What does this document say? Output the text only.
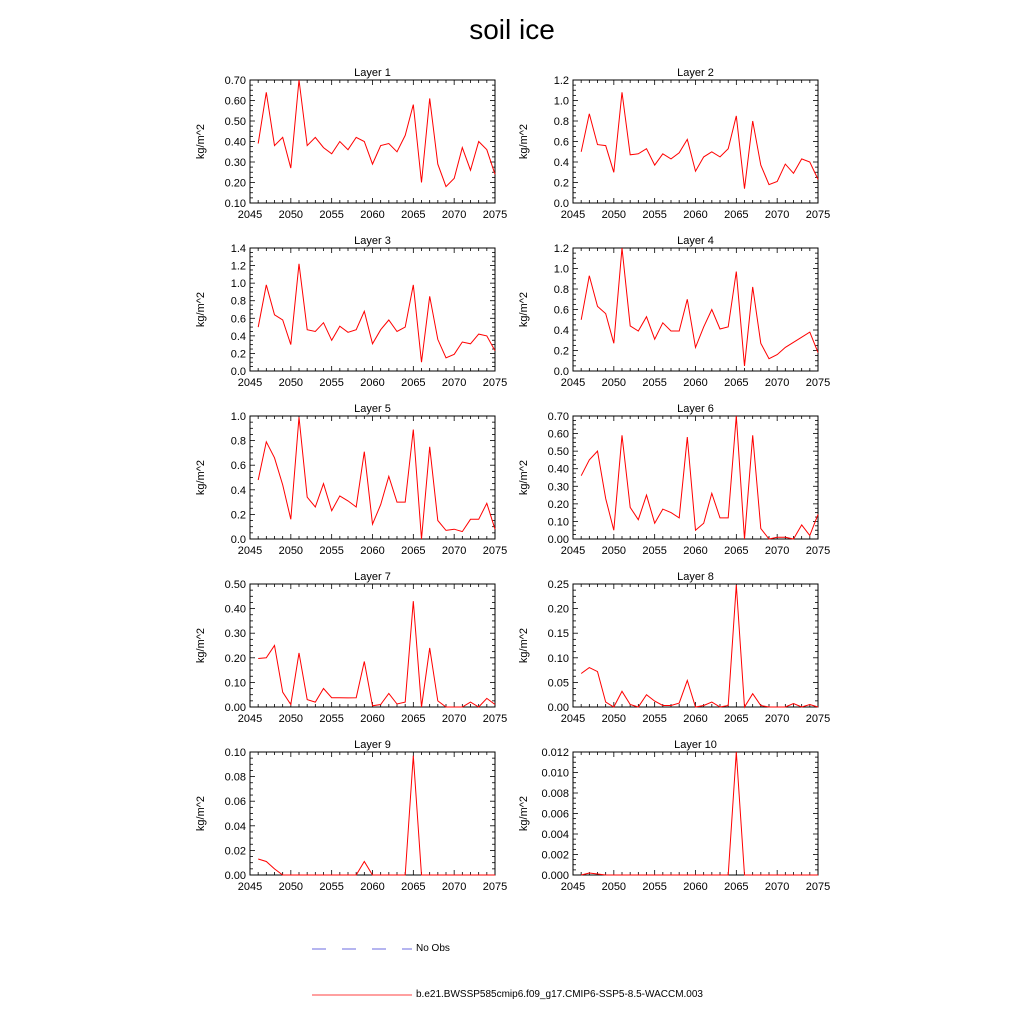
soil ice
Layer 1
kg/m^2
2045 2050 2055 2060 2065 2070 2075
0.10
0.20
0.30
0.40
0.50
0.60
0.70
Layer 2
kg/m^2
2045 2050 2055 2060 2065 2070 2075
0.0
0.2
0.4
0.6
0.8
1.0
1.2
Layer 3
kg/m^2
2045 2050 2055 2060 2065 2070 2075
0.0
0.2
0.4
0.6
0.8
1.0
1.2
1.4
Layer 4
kg/m^2
2045 2050 2055 2060 2065 2070 2075
0.0
0.2
0.4
0.6
0.8
1.0
1.2
Layer 5
kg/m^2
2045 2050 2055 2060 2065 2070 2075
0.0
0.2
0.4
0.6
0.8
1.0
Layer 6
kg/m^2
2045 2050 2055 2060 2065 2070 2075
0.00
0.10
0.20
0.30
0.40
0.50
0.60
0.70
Layer 7
kg/m^2
2045 2050 2055 2060 2065 2070 2075
0.00
0.10
0.20
0.30
0.40
0.50
Layer 8
kg/m^2
2045 2050 2055 2060 2065 2070 2075
0.00
0.05
0.10
0.15
0.20
0.25
Layer 9
kg/m^2
2045 2050 2055 2060 2065 2070 2075
0.00
0.02
0.04
0.06
0.08
0.10
Layer 10
kg/m^2
2045 2050 2055 2060 2065 2070 2075
0.000
0.002
0.004
0.006
0.008
0.010
0.012
No Obs
b.e21.BWSSP585cmip6.f09_g17.CMIP6-SSP5-8.5-WACCM.003
